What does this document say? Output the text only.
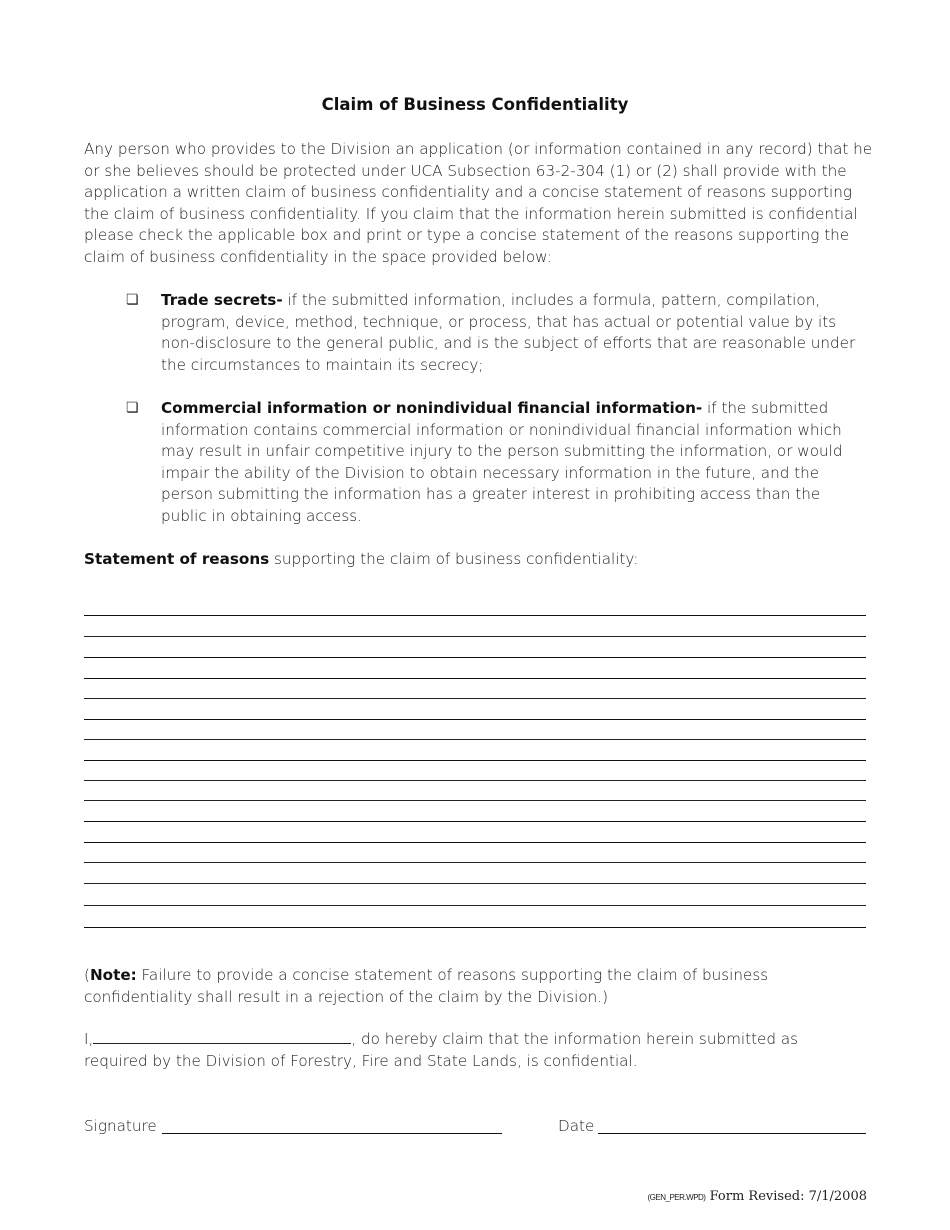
Claim of Business Confidentiality
Any person who provides to the Division an application (or information contained in any record) that he or she believes should be protected under UCA Subsection 63-2-304 (1) or (2) shall provide with the application a written claim of business confidentiality and a concise statement of reasons supporting the claim of business confidentiality. If you claim that the information herein submitted is confidential please check the applicable box and print or type a concise statement of the reasons supporting the claim of business confidentiality in the space provided below:
❏ Trade secrets- if the submitted information, includes a formula, pattern, compilation, program, device, method, technique, or process, that has actual or potential value by its non-disclosure to the general public, and is the subject of efforts that are reasonable under the circumstances to maintain its secrecy;
❏ Commercial information or nonindividual financial information- if the submitted information contains commercial information or nonindividual financial information which may result in unfair competitive injury to the person submitting the information, or would impair the ability of the Division to obtain necessary information in the future, and the person submitting the information has a greater interest in prohibiting access than the public in obtaining access.
Statement of reasons supporting the claim of business confidentiality:
(Note: Failure to provide a concise statement of reasons supporting the claim of business confidentiality shall result in a rejection of the claim by the Division.)
I,	, do hereby claim that the information herein submitted as required by the Division of Forestry, Fire and State Lands, is confidential.
Signature	Date
(GEN_PER.WPD) Form Revised: 7/1/2008
